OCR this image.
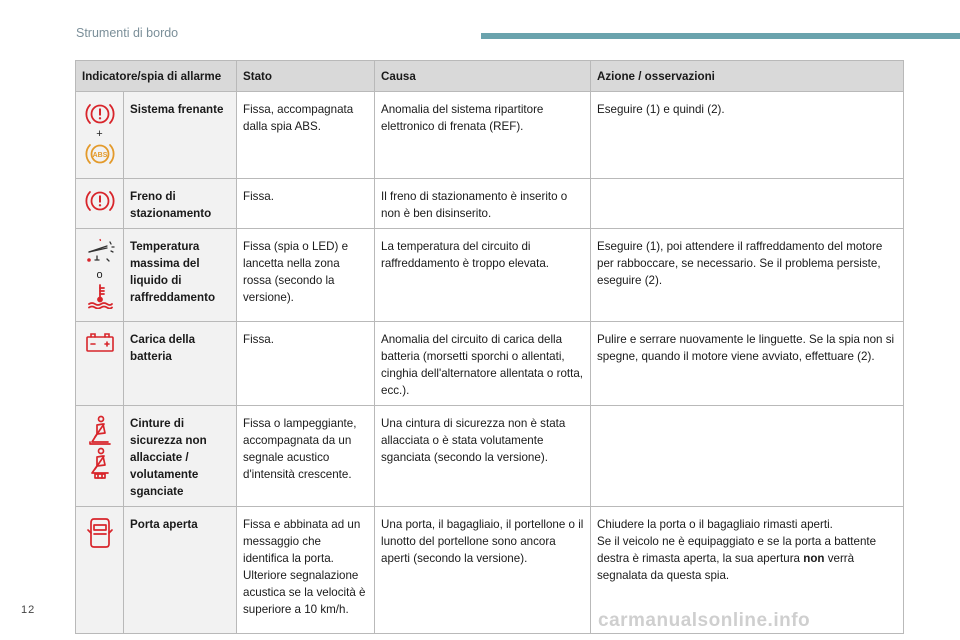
Strumenti di bordo
Indicatore/spia di allarme		Stato	Causa	Azione / osservazioni

+
ABS	Sistema frenante	Fissa, accompagnata dalla spia ABS.	Anomalia del sistema ripartitore elettronico di frenata (REF).	Eseguire (1) e quindi (2).

	Freno di stazionamento	Fissa.	Il freno di stazionamento è inserito o non è ben disinserito.	

o	Temperatura massima del liquido di raffreddamento	Fissa (spia o LED) e lancetta nella zona rossa (secondo la versione).	La temperatura del circuito di raffreddamento è troppo elevata.	Eseguire (1), poi attendere il raffreddamento del motore per rabboccare, se necessario. Se il problema persiste, eseguire (2).

	Carica della batteria	Fissa.	Anomalia del circuito di carica della batteria (morsetti sporchi o allentati, cinghia dell'alternatore allentata o rotta, ecc.).	Pulire e serrare nuovamente le linguette. Se la spia non si spegne, quando il motore viene avviato, effettuare (2).

	Cinture di sicurezza non allacciate / volutamente sganciate	Fissa o lampeggiante, accompagnata da un segnale acustico d'intensità crescente.	Una cintura di sicurezza non è stata allacciata o è stata volutamente sganciata (secondo la versione).	

	Porta aperta	Fissa e abbinata ad un messaggio che identifica la porta. Ulteriore segnalazione acustica se la velocità è superiore a 10 km/h.	Una porta, il bagagliaio, il portellone o il lunotto del portellone sono ancora aperti (secondo la versione).	Chiudere la porta o il bagagliaio rimasti aperti.
Se il veicolo ne è equipaggiato e se la porta a battente destra è rimasta aperta, la sua apertura non verrà segnalata da questa spia.
12	carmanualsonline.info
